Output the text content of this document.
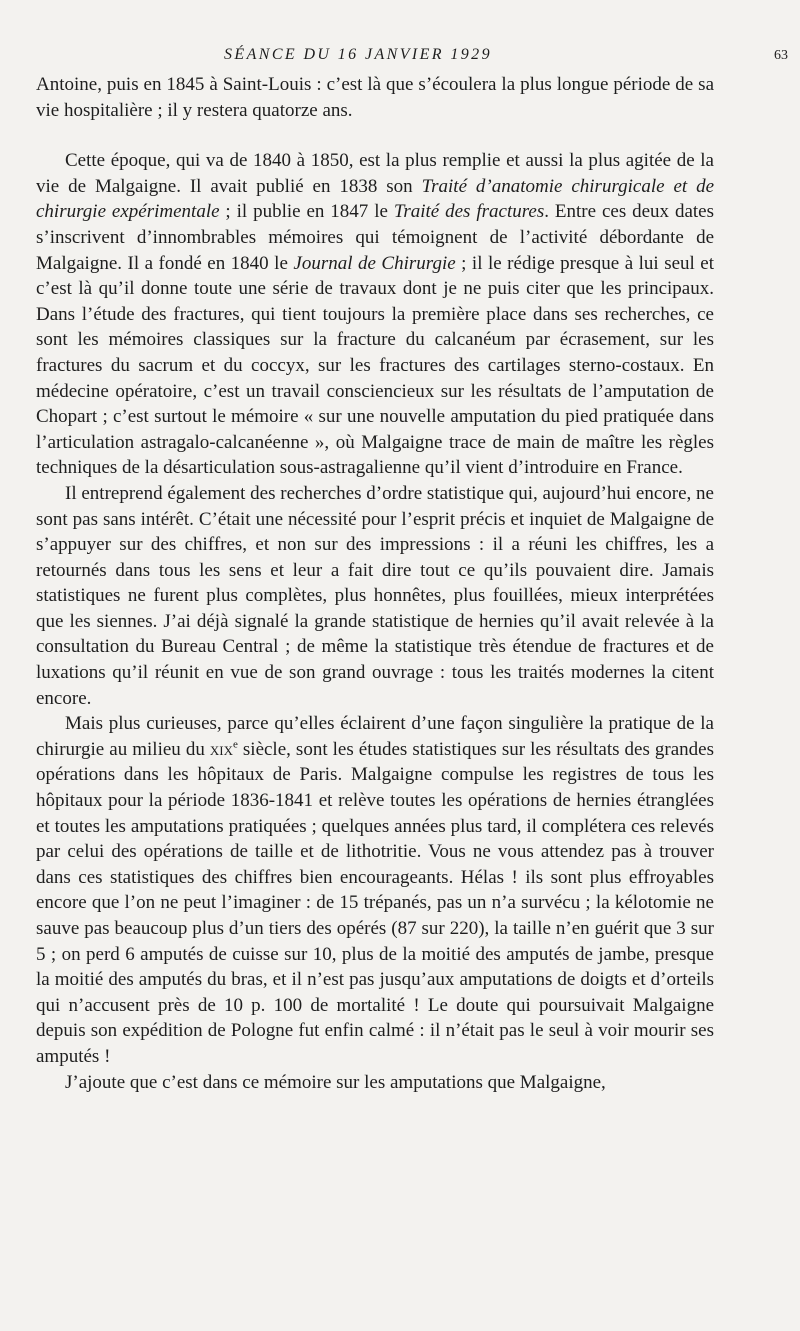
SÉANCE DU 16 JANVIER 1929	63

Antoine, puis en 1845 à Saint-Louis : c’est là que s’écoulera la plus longue période de sa vie hospitalière ; il y restera quatorze ans.

Cette époque, qui va de 1840 à 1850, est la plus remplie et aussi la plus agitée de la vie de Malgaigne. Il avait publié en 1838 son Traité d’anatomie chirurgicale et de chirurgie expérimentale ; il publie en 1847 le Traité des fractures. Entre ces deux dates s’inscrivent d’innombrables mémoires qui témoignent de l’activité débordante de Malgaigne. Il a fondé en 1840 le Journal de Chirurgie ; il le rédige presque à lui seul et c’est là qu’il donne toute une série de travaux dont je ne puis citer que les principaux. Dans l’étude des fractures, qui tient toujours la première place dans ses recherches, ce sont les mémoires classiques sur la fracture du calcanéum par écrasement, sur les fractures du sacrum et du coccyx, sur les fractures des cartilages sterno-costaux. En médecine opératoire, c’est un travail consciencieux sur les résultats de l’amputation de Chopart ; c’est surtout le mémoire « sur une nouvelle amputation du pied pratiquée dans l’articulation astragalo-calcanéenne », où Malgaigne trace de main de maître les règles techniques de la désarticulation sous-astragalienne qu’il vient d’introduire en France.

Il entreprend également des recherches d’ordre statistique qui, aujourd’hui encore, ne sont pas sans intérêt. C’était une nécessité pour l’esprit précis et inquiet de Malgaigne de s’appuyer sur des chiffres, et non sur des impressions : il a réuni les chiffres, les a retournés dans tous les sens et leur a fait dire tout ce qu’ils pouvaient dire. Jamais statistiques ne furent plus complètes, plus honnêtes, plus fouillées, mieux interprétées que les siennes. J’ai déjà signalé la grande statistique de hernies qu’il avait relevée à la consultation du Bureau Central ; de même la statistique très étendue de fractures et de luxations qu’il réunit en vue de son grand ouvrage : tous les traités modernes la citent encore.

Mais plus curieuses, parce qu’elles éclairent d’une façon singulière la pratique de la chirurgie au milieu du xix$^e$ siècle, sont les études statistiques sur les résultats des grandes opérations dans les hôpitaux de Paris. Malgaigne compulse les registres de tous les hôpitaux pour la période 1836-1841 et relève toutes les opérations de hernies étranglées et toutes les amputations pratiquées ; quelques années plus tard, il complétera ces relevés par celui des opérations de taille et de lithotritie. Vous ne vous attendez pas à trouver dans ces statistiques des chiffres bien encourageants. Hélas ! ils sont plus effroyables encore que l’on ne peut l’imaginer : de 15 trépanés, pas un n’a survécu ; la kélotomie ne sauve pas beaucoup plus d’un tiers des opérés (87 sur 220), la taille n’en guérit que 3 sur 5 ; on perd 6 amputés de cuisse sur 10, plus de la moitié des amputés de jambe, presque la moitié des amputés du bras, et il n’est pas jusqu’aux amputations de doigts et d’orteils qui n’accusent près de 10 p. 100 de mortalité ! Le doute qui poursuivait Malgaigne depuis son expédition de Pologne fut enfin calmé : il n’était pas le seul à voir mourir ses amputés !

J’ajoute que c’est dans ce mémoire sur les amputations que Malgaigne,
